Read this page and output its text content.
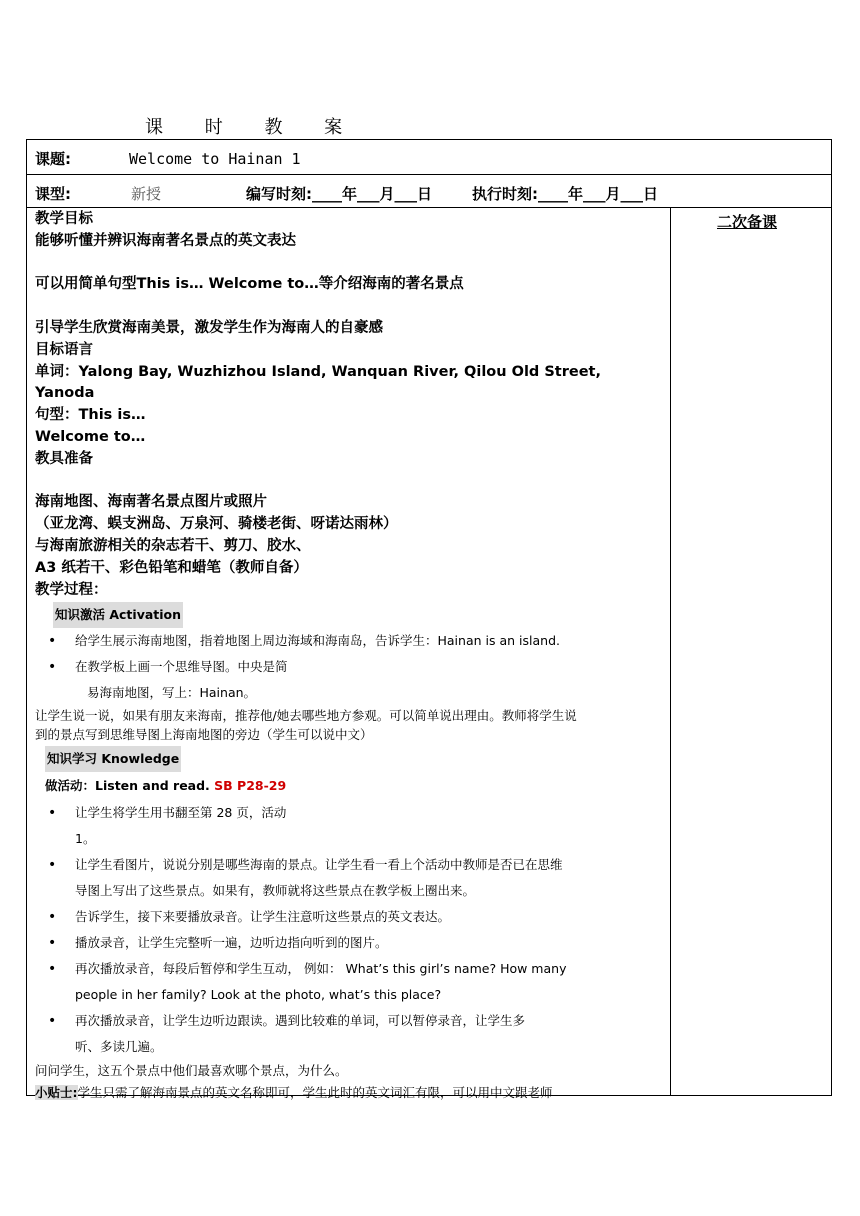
课 时 教 案
课题:	Welcome to Hainan 1
课型:	新授	编写时刻:____年___月___日	执行时刻:____年___月___日
二次备课
教学目标
能够听懂并辨识海南著名景点的英文表达
可以用简单句型This is… Welcome to…等介绍海南的著名景点
引导学生欣赏海南美景，激发学生作为海南人的自豪感
目标语言
单词：Yalong Bay, Wuzhizhou Island, Wanquan River, Qilou Old Street,
Yanoda
句型：This is…
Welcome to…
教具准备
海南地图、海南著名景点图片或照片
（亚龙湾、蜈支洲岛、万泉河、骑楼老街、呀诺达雨林）
与海南旅游相关的杂志若干、剪刀、胶水、
A3 纸若干、彩色铅笔和蜡笔（教师自备）
教学过程：
知识激活 Activation
• 给学生展示海南地图，指着地图上周边海域和海南岛，告诉学生：Hainan is an island.
• 在教学板上画一个思维导图。中央是简
易海南地图，写上：Hainan。
让学生说一说，如果有朋友来海南，推荐他/她去哪些地方参观。可以简单说出理由。教师将学生说
到的景点写到思维导图上海南地图的旁边（学生可以说中文）
知识学习 Knowledge
做活动：Listen and read. SB P28-29
• 让学生将学生用书翻至第 28 页，活动
1。
• 让学生看图片，说说分别是哪些海南的景点。让学生看一看上个活动中教师是否已在思维
导图上写出了这些景点。如果有，教师就将这些景点在教学板上圈出来。
• 告诉学生，接下来要播放录音。让学生注意听这些景点的英文表达。
• 播放录音，让学生完整听一遍，边听边指向听到的图片。
• 再次播放录音，每段后暂停和学生互动， 例如： What’s this girl’s name? How many
people in her family? Look at the photo, what’s this place?
• 再次播放录音，让学生边听边跟读。遇到比较难的单词，可以暂停录音，让学生多
听、多读几遍。
问问学生，这五个景点中他们最喜欢哪个景点，为什么。
小贴士:学生只需了解海南景点的英文名称即可，学生此时的英文词汇有限，可以用中文跟老师
